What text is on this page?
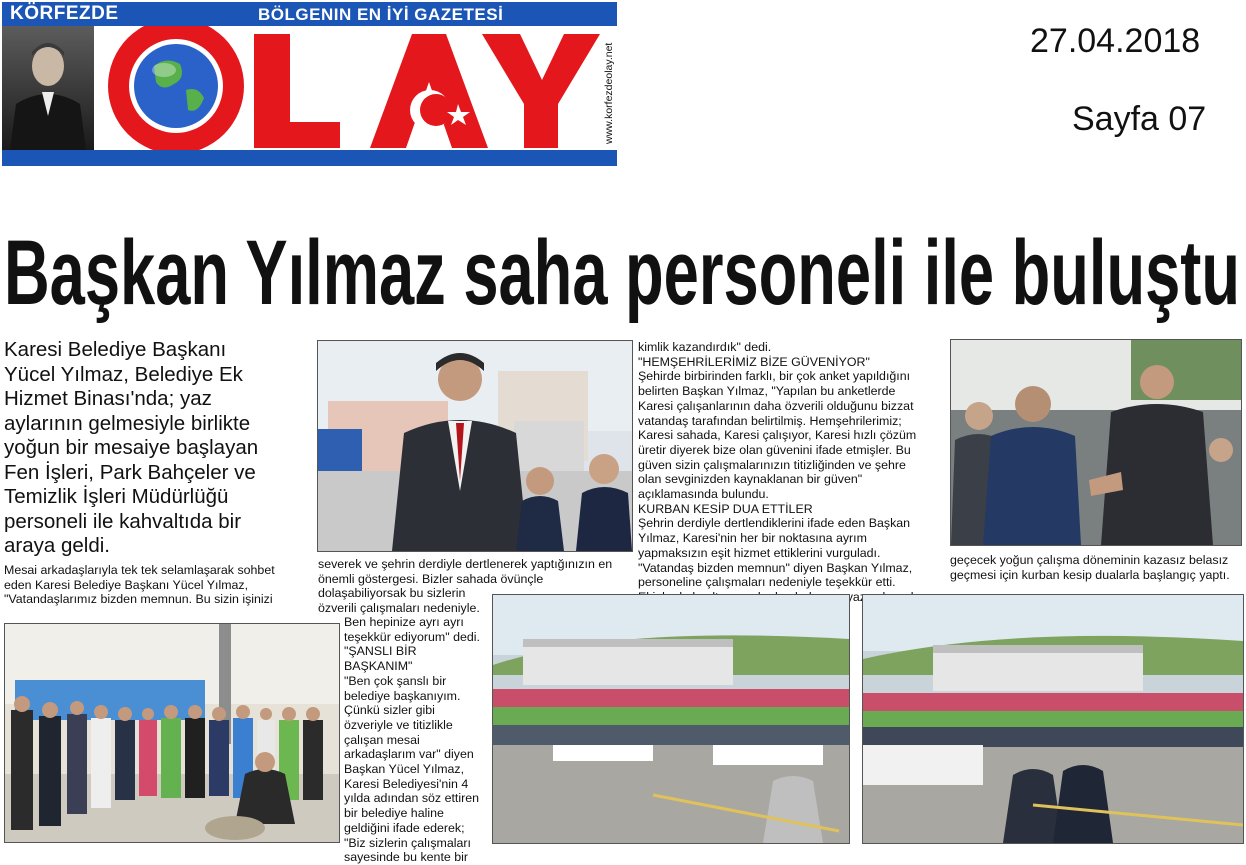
KÖRFEZDE	BÖLGENIN EN İYİ GAZETESİ
www.korfezdeolay.net
27.04.2018
Sayfa 07
Başkan Yılmaz saha personeli ile buluştu
Karesi Belediye Başkanı
Yücel Yılmaz, Belediye Ek
Hizmet Binası'nda; yaz
aylarının gelmesiyle birlikte
yoğun bir mesaiye başlayan
Fen İşleri, Park Bahçeler ve
Temizlik İşleri Müdürlüğü
personeli ile kahvaltıda bir
araya geldi.
Mesai arkadaşlarıyla tek tek selamlaşarak sohbet
eden Karesi Belediye Başkanı Yücel Yılmaz,
"Vatandaşlarımız bizden memnun. Bu sizin işinizi
severek ve şehrin derdiyle dertlenerek yaptığınızın en
önemli göstergesi. Bizler sahada övünçle
dolaşabiliyorsak bu sizlerin
özverili çalışmaları nedeniyle.
Ben hepinize ayrı ayrı
teşekkür ediyorum" dedi.
"ŞANSLI BİR
BAŞKANIM"
"Ben çok şanslı bir
belediye başkanıyım.
Çünkü sizler gibi
özveriyle ve titizlikle
çalışan mesai
arkadaşlarım var" diyen
Başkan Yücel Yılmaz,
Karesi Belediyesi'nin 4
yılda adından söz ettiren
bir belediye haline
geldiğini ifade ederek;
"Biz sizlerin çalışmaları
sayesinde bu kente bir
kimlik kazandırdık" dedi.
"HEMŞEHRİLERİMİZ BİZE GÜVENİYOR"
Şehirde birbirinden farklı, bir çok anket yapıldığını
belirten Başkan Yılmaz, "Yapılan bu anketlerde
Karesi çalışanlarının daha özverili olduğunu bizzat
vatandaş tarafından belirtilmiş. Hemşehrilerimiz;
Karesi sahada, Karesi çalışıyor, Karesi hızlı çözüm
üretir diyerek bize olan güvenini ifade etmişler. Bu
güven sizin çalışmalarınızın titizliğinden ve şehre
olan sevginizden kaynaklanan bir güven"
açıklamasında bulundu.
KURBAN KESİP DUA ETTİLER
Şehrin derdiyle dertlendiklerini ifade eden Başkan
Yılmaz, Karesi'nin her bir noktasına ayrım
yapmaksızın eşit hizmet ettiklerini vurguladı.
"Vatandaş bizden memnun" diyen Başkan Yılmaz,
personeline çalışmaları nedeniyle teşekkür etti.
yaz
geçecek yoğun çalışma döneminin kazasız belasız
geçmesi için kurban kesip dualarla başlangıç yaptı.
